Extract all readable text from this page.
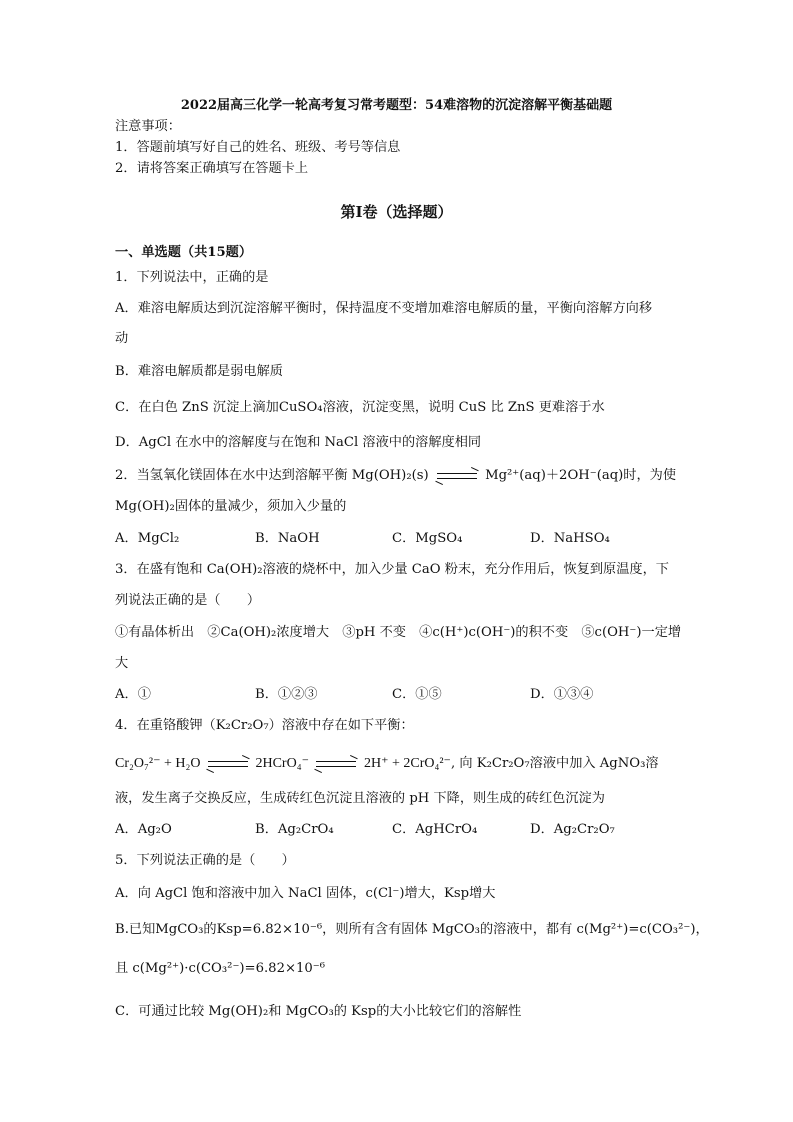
2022届高三化学一轮高考复习常考题型：54难溶物的沉淀溶解平衡基础题
注意事项：
1．答题前填写好自己的姓名、班级、考号等信息
2．请将答案正确填写在答题卡上
第I卷（选择题）
一、单选题（共15题）
1．下列说法中，正确的是
A．难溶电解质达到沉淀溶解平衡时，保持温度不变增加难溶电解质的量，平衡向溶解方向移
动
B．难溶电解质都是弱电解质
C．在白色 ZnS 沉淀上滴加CuSO₄溶液，沉淀变黑，说明 CuS 比 ZnS 更难溶于水
D．AgCl 在水中的溶解度与在饱和 NaCl 溶液中的溶解度相同
2．当氢氧化镁固体在水中达到溶解平衡 Mg(OH)₂(s) → Mg²⁺(aq)＋2OH⁻(aq)时，为使
Mg(OH)₂固体的量减少，须加入少量的
A．MgCl₂	B．NaOH	C．MgSO₄	D．NaHSO₄
3．在盛有饱和 Ca(OH)₂溶液的烧杯中，加入少量 CaO 粉末，充分作用后，恢复到原温度，下
列说法正确的是（　　）
①有晶体析出　②Ca(OH)₂浓度增大　③pH 不变　④c(H⁺)c(OH⁻)的积不变　⑤c(OH⁻)一定增
大
A．①	B．①②③	C．①⑤	D．①③④
4．在重铬酸钾（K₂Cr₂O₇）溶液中存在如下平衡：
Cr₂O₇²⁻ + H₂O → 2HCrO₄⁻ → 2H⁺ + 2CrO₄²⁻, 向 K₂Cr₂O₇溶液中加入 AgNO₃溶
液，发生离子交换反应，生成砖红色沉淀且溶液的 pH 下降，则生成的砖红色沉淀为
A．Ag₂O	B．Ag₂CrO₄	C．AgHCrO₄	D．Ag₂Cr₂O₇
5．下列说法正确的是（　　）
A．向 AgCl 饱和溶液中加入 NaCl 固体，c(Cl⁻)增大，Ksp增大
B.已知MgCO₃的Ksp=6.82×10⁻⁶，则所有含有固体 MgCO₃的溶液中，都有 c(Mg²⁺)=c(CO₃²⁻)，
且 c(Mg²⁺)·c(CO₃²⁻)=6.82×10⁻⁶
C．可通过比较 Mg(OH)₂和 MgCO₃的 Ksp的大小比较它们的溶解性
